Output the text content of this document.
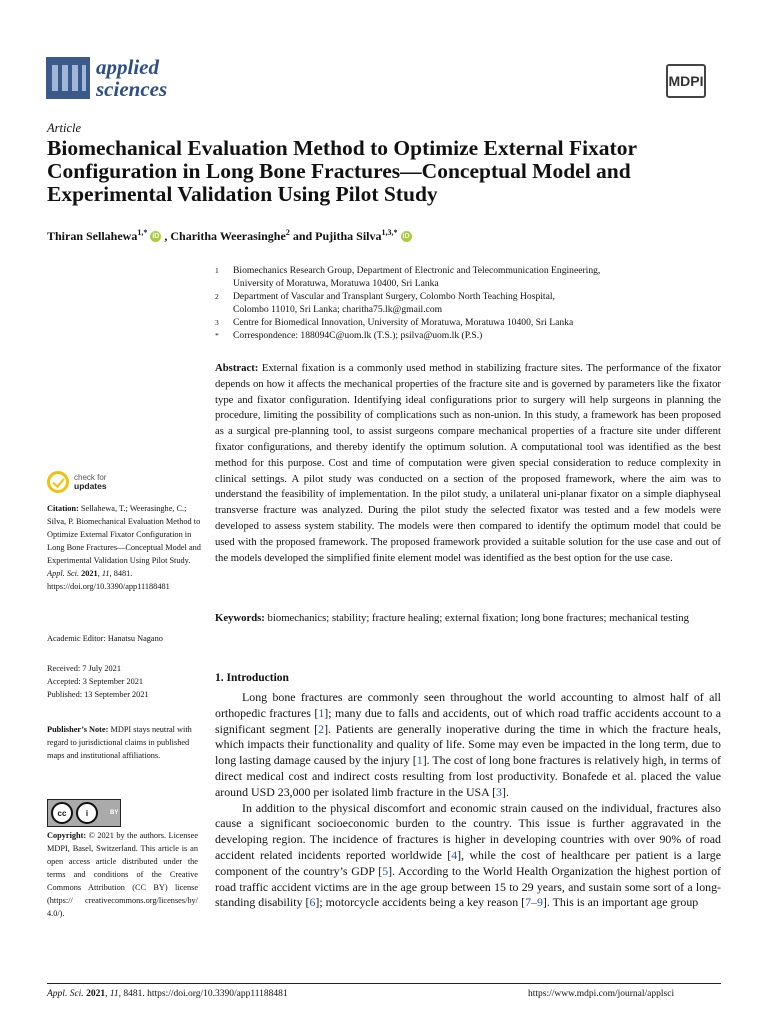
applied
sciences	MDPI
Article
Biomechanical Evaluation Method to Optimize External Fixator Configuration in Long Bone Fractures—Conceptual Model and Experimental Validation Using Pilot Study
Thiran Sellahewa$^{1,*}$ iD , Charitha Weerasinghe$^2$ and Pujitha Silva$^{1,3,*}$ iD
1	Biomechanics Research Group, Department of Electronic and Telecommunication Engineering,
University of Moratuwa, Moratuwa 10400, Sri Lanka
2	Department of Vascular and Transplant Surgery, Colombo North Teaching Hospital,
Colombo 11010, Sri Lanka; charitha75.lk@gmail.com
3	Centre for Biomedical Innovation, University of Moratuwa, Moratuwa 10400, Sri Lanka
*	Correspondence: 188094C@uom.lk (T.S.); psilva@uom.lk (P.S.)
Abstract: External fixation is a commonly used method in stabilizing fracture sites. The performance of the fixator depends on how it affects the mechanical properties of the fracture site and is governed by parameters like the fixator type and fixator configuration. Identifying ideal configurations prior to surgery will help surgeons in planning the procedure, limiting the possibility of complications such as non-union. In this study, a framework has been proposed as a surgical pre-planning tool, to assist surgeons compare mechanical properties of a fracture site under different fixator configurations, and thereby identify the optimum solution. A computational tool was identified as the best method for this purpose. Cost and time of computation were given special consideration to reduce complexity in clinical settings. A pilot study was conducted on a section of the proposed framework, where the aim was to understand the feasibility of implementation. In the pilot study, a unilateral uni-planar fixator on a simple diaphyseal transverse fracture was analyzed. During the pilot study the selected fixator was tested and a few models were developed to assess system stability. The models were then compared to identify the optimum model that could be used with the proposed framework. The proposed framework provided a suitable solution for the use case and out of the models developed the simplified finite element model was identified as the best option for the use case.
Keywords: biomechanics; stability; fracture healing; external fixation; long bone fractures; mechanical testing
check for
updates
Citation: Sellahewa, T.; Weerasinghe, C.; Silva, P. Biomechanical Evaluation Method to Optimize External Fixator Configuration in Long Bone Fractures—Conceptual Model and Experimental Validation Using Pilot Study. Appl. Sci. 2021, 11, 8481. https://doi.org/10.3390/app11188481
Academic Editor: Hanatsu Nagano
Received: 7 July 2021
Accepted: 3 September 2021
Published: 13 September 2021
Publisher’s Note: MDPI stays neutral with regard to jurisdictional claims in published maps and institutional affiliations.
cc	i	BY
Copyright: © 2021 by the authors. Licensee MDPI, Basel, Switzerland. This article is an open access article distributed under the terms and conditions of the Creative Commons Attribution (CC BY) license (https:// creativecommons.org/licenses/by/ 4.0/).
1. Introduction

Long bone fractures are commonly seen throughout the world accounting to almost half of all orthopedic fractures [1]; many due to falls and accidents, out of which road traffic accidents account to a significant segment [2]. Patients are generally inoperative during the time in which the fracture heals, which impacts their functionality and quality of life. Some may even be impacted in the long term, due to long lasting damage caused by the injury [1]. The cost of long bone fractures is relatively high, in terms of direct medical cost and indirect costs resulting from lost productivity. Bonafede et al. placed the value around USD 23,000 per isolated limb fracture in the USA [3].

In addition to the physical discomfort and economic strain caused on the individual, fractures also cause a significant socioeconomic burden to the country. This issue is further aggravated in the developing region. The incidence of fractures is higher in developing countries with over 90% of road accident related incidents reported worldwide [4], while the cost of healthcare per patient is a large component of the country’s GDP [5]. According to the World Health Organization the highest portion of road traffic accident victims are in the age group between 15 to 29 years, and sustain some sort of a long-standing disability [6]; motorcycle accidents being a key reason [7–9]. This is an important age group

Appl. Sci. 2021, 11, 8481. https://doi.org/10.3390/app11188481	https://www.mdpi.com/journal/applsci
